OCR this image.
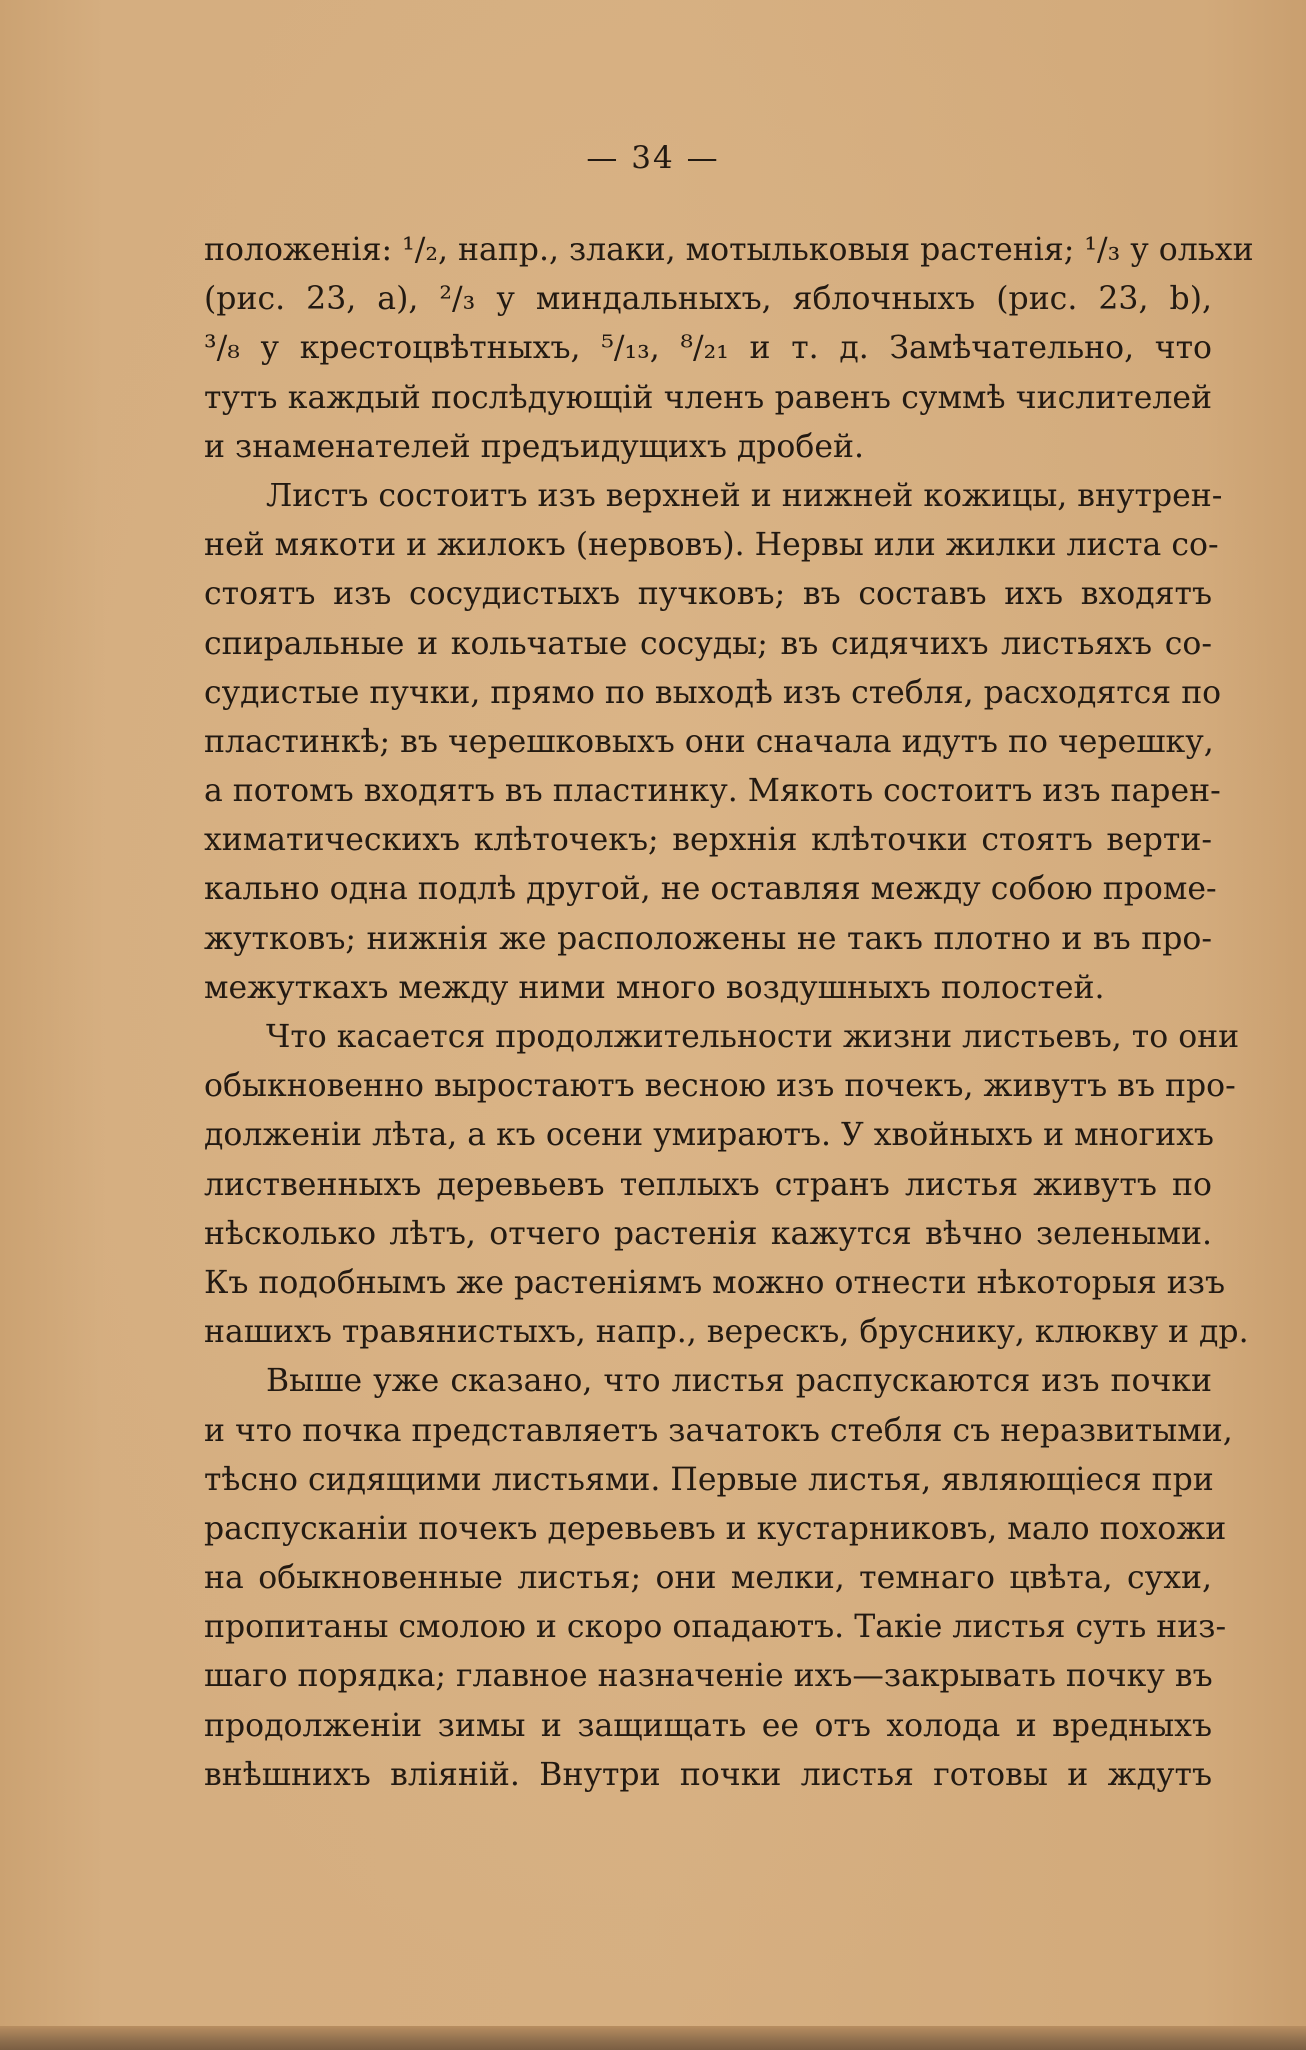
— 34 —
положенія: ¹/₂, напр., злаки, мотыльковыя растенія; ¹/₃ у ольхи
(рис. 23, a), ²/₃ у миндальныхъ, яблочныхъ (рис. 23, b),
³/₈ у крестоцвѣтныхъ, ⁵/₁₃, ⁸/₂₁ и т. д. Замѣчательно, что
тутъ каждый послѣдующій членъ равенъ суммѣ числителей
и знаменателей предъидущихъ дробей.
Листъ состоитъ изъ верхней и нижней кожицы, внутрен-
ней мякоти и жилокъ (нервовъ). Нервы или жилки листа со-
стоятъ изъ сосудистыхъ пучковъ; въ составъ ихъ входятъ
спиральные и кольчатые сосуды; въ сидячихъ листьяхъ со-
судистые пучки, прямо по выходѣ изъ стебля, расходятся по
пластинкѣ; въ черешковыхъ они сначала идутъ по черешку,
а потомъ входятъ въ пластинку. Мякоть состоитъ изъ парен-
химатическихъ клѣточекъ; верхнія клѣточки стоятъ верти-
кально одна подлѣ другой, не оставляя между собою проме-
жутковъ; нижнія же расположены не такъ плотно и въ про-
межуткахъ между ними много воздушныхъ полостей.
Что касается продолжительности жизни листьевъ, то они
обыкновенно выростаютъ весною изъ почекъ, живутъ въ про-
долженіи лѣта, а къ осени умираютъ. У хвойныхъ и многихъ
лиственныхъ деревьевъ теплыхъ странъ листья живутъ по
нѣсколько лѣтъ, отчего растенія кажутся вѣчно зелеными.
Къ подобнымъ же растеніямъ можно отнести нѣкоторыя изъ
нашихъ травянистыхъ, напр., верескъ, бруснику, клюкву и др.
Выше уже сказано, что листья распускаются изъ почки
и что почка представляетъ зачатокъ стебля съ неразвитыми,
тѣсно сидящими листьями. Первые листья, являющіеся при
распусканіи почекъ деревьевъ и кустарниковъ, мало похожи
на обыкновенные листья; они мелки, темнаго цвѣта, сухи,
пропитаны смолою и скоро опадаютъ. Такіе листья суть низ-
шаго порядка; главное назначеніе ихъ—закрывать почку въ
продолженіи зимы и защищать ее отъ холода и вредныхъ
внѣшнихъ вліяній. Внутри почки листья готовы и ждутъ
